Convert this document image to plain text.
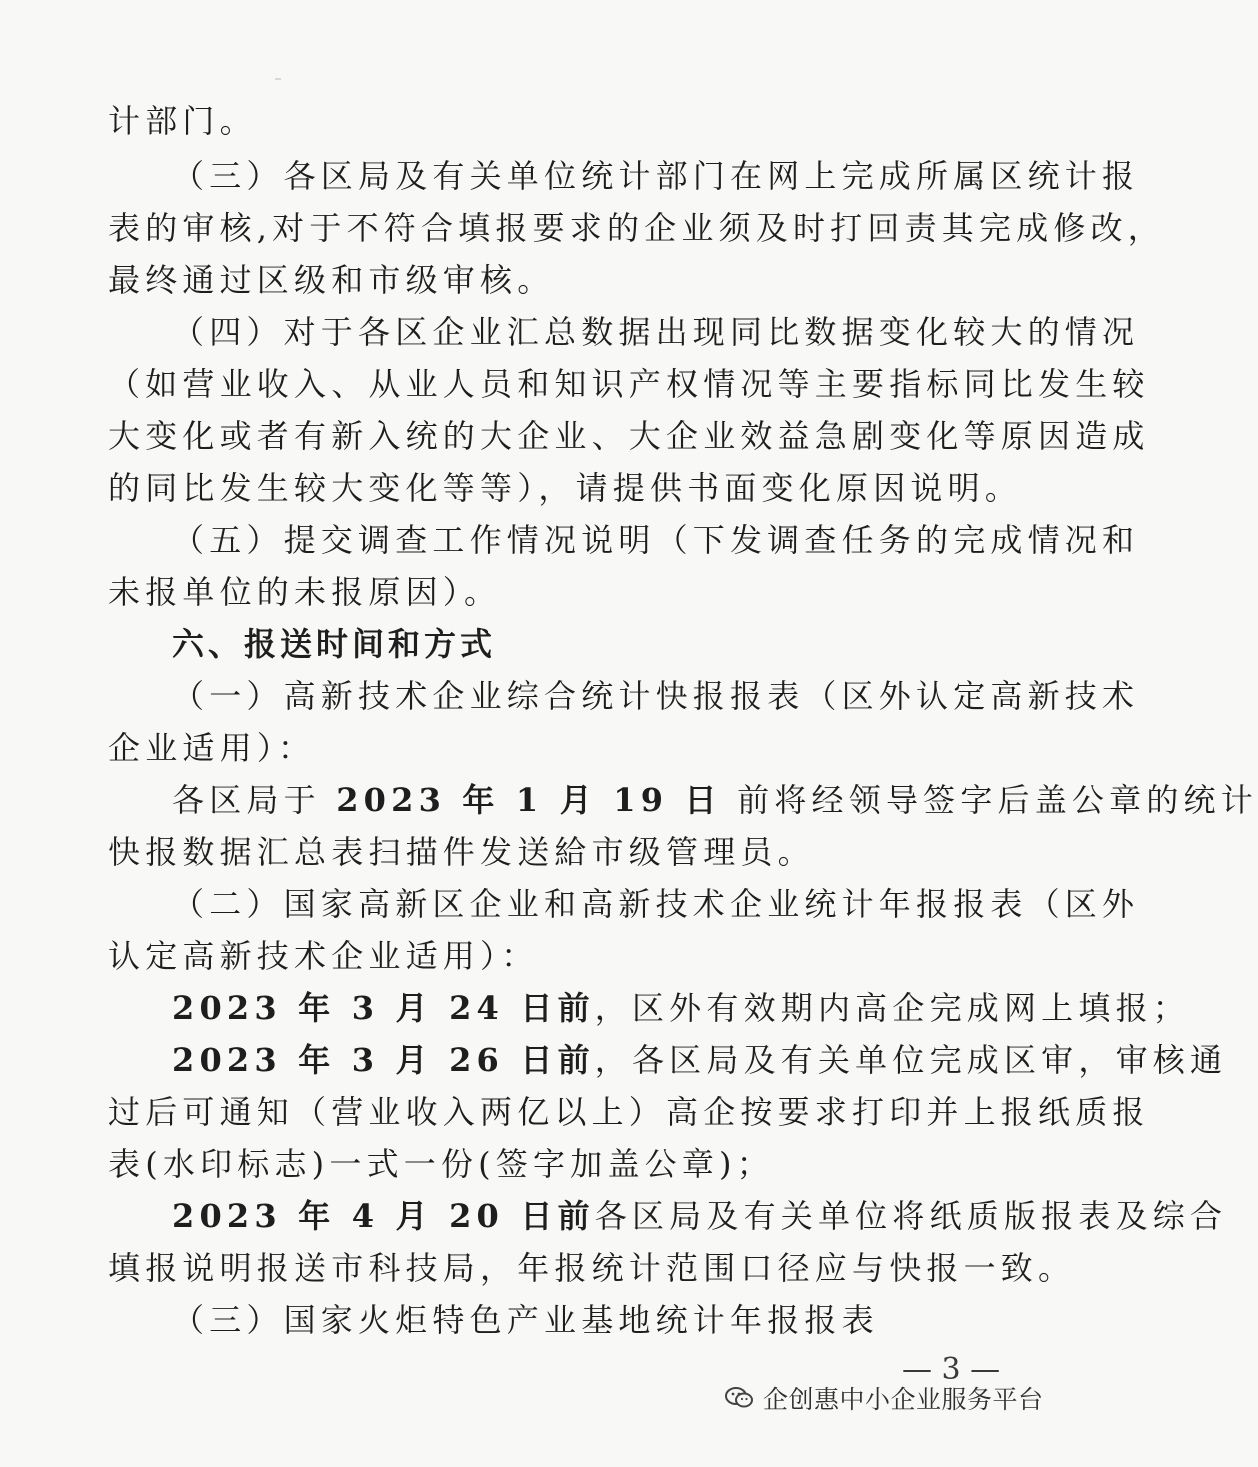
计部门。
（三）各区局及有关单位统计部门在网上完成所属区统计报
表的审核,对于不符合填报要求的企业须及时打回责其完成修改，
最终通过区级和市级审核。
（四）对于各区企业汇总数据出现同比数据变化较大的情况
（如营业收入、从业人员和知识产权情况等主要指标同比发生较
大变化或者有新入统的大企业、大企业效益急剧变化等原因造成
的同比发生较大变化等等），请提供书面变化原因说明。
（五）提交调查工作情况说明（下发调查任务的完成情况和
未报单位的未报原因）。
六、报送时间和方式
（一）高新技术企业综合统计快报报表（区外认定高新技术
企业适用）：
各区局于 2023 年 1 月 19 日 前将经领导签字后盖公章的统计
快报数据汇总表扫描件发送給市级管理员。
（二）国家高新区企业和高新技术企业统计年报报表（区外
认定高新技术企业适用）：
2023 年 3 月 24 日前，区外有效期内高企完成网上填报；
2023 年 3 月 26 日前，各区局及有关单位完成区审，审核通
过后可通知（营业收入两亿以上）高企按要求打印并上报纸质报
表(水印标志)一式一份(签字加盖公章)；
2023 年 4 月 20 日前各区局及有关单位将纸质版报表及综合
填报说明报送市科技局，年报统计范围口径应与快报一致。
（三）国家火炬特色产业基地统计年报报表
— 3 —
企创惠中小企业服务平台
